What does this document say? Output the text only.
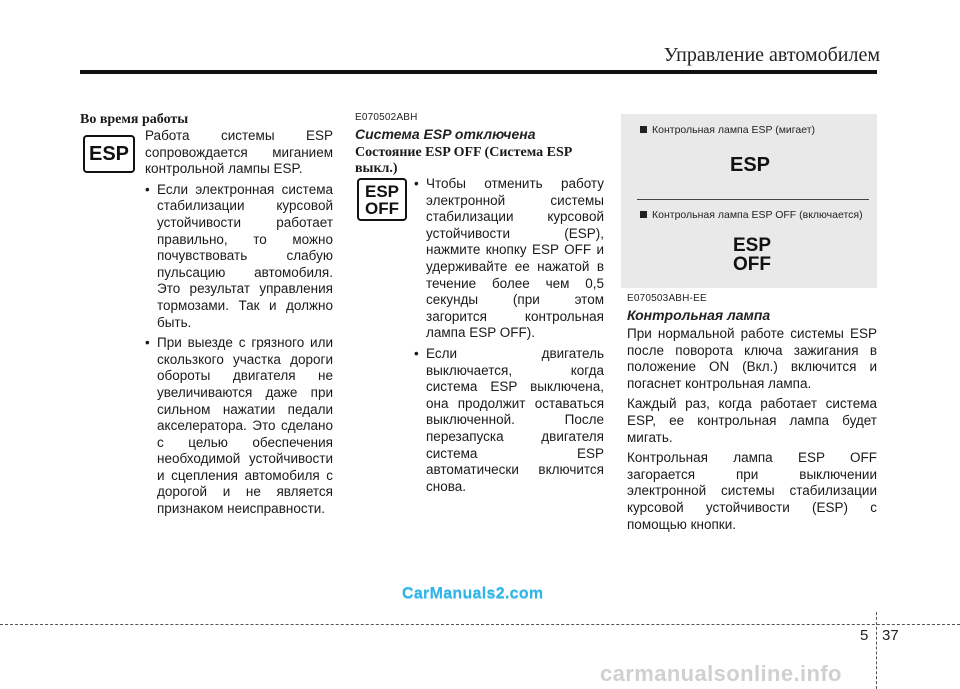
Управление автомобилем
Во время работы
ESP

Работа системы ESP сопровождается миганием контрольной лампы ESP.

• Если электронная система стабилизации курсовой устойчивости работает правильно, то можно почувствовать слабую пульсацию автомобиля. Это результат управления тормозами. Так и должно быть.
• При выезде с грязного или скользкого участка дороги обороты двигателя не увеличиваются даже при сильном нажатии педали акселератора. Это сделано с целью обеспечения необходимой устойчивости и сцепления автомобиля с дорогой и не является признаком неисправности.
E070502ABH
Система ESP отключена
Состояние ESP OFF (Система ESP выкл.)
ESP
OFF
• Чтобы отменить работу электронной системы стабилизации курсовой устойчивости (ESP), нажмите кнопку ESP OFF и удерживайте ее нажатой в течение более чем 0,5 секунды (при этом загорится контрольная лампа ESP OFF).
• Если двигатель выключается, когда система ESP выключена, она продолжит оставаться выключенной. После перезапуска двигателя система ESP автоматически включится снова.
Контрольная лампа ESP (мигает)
ESP
Контрольная лампа ESP OFF (включается)
ESP
OFF
E070503ABH-EE
Контрольная лампа

При нормальной работе системы ESP после поворота ключа зажигания в положение ON (Вкл.) включится и погаснет контрольная лампа.

Каждый раз, когда работает система ESP, ее контрольная лампа будет мигать.

Контрольная лампа ESP OFF загорается при выключении электронной системы стабилизации курсовой устойчивости (ESP) с помощью кнопки.

CarManuals2.com
5 37
carmanualsonline.info
